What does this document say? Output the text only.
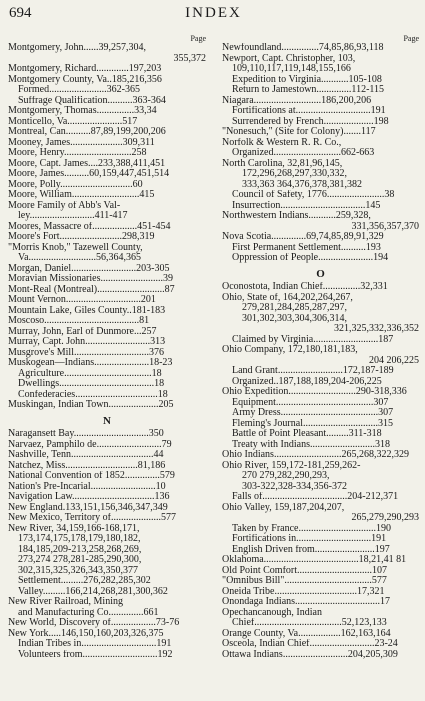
694	INDEX
Page
Montgomery, John......39,257,304,
355,372
Montgomery, Richard.............197,203
Montgomery County, Va..185,216,356
Formed.......................362-365
Suffrage Qualification..........363-364
Montgomery, Thomas...............33,34
Monticello, Va......................517
Montreal, Can..........87,89,199,200,206
Mooney, James.....................309,311
Moore, Henry...........................258
Moore, Capt. James....233,388,411,451
Moore, James..........60,159,447,451,514
Moore, Polly.............................60
Moore, William...........................415
Moore Family of Abb's Val-
ley..........................411-417
Moores, Massacre of..................451-454
Moore's Fort.........................298,319
"Morris Knob," Tazewell County,
Va...........................56,364,365
Morgan, Daniel..........................203-305
Moravian Missionaries.........................39
Mont-Real (Montreal)...........................87
Mount Vernon..............................201
Mountain Lake, Giles County..181-183
Moscoso......................................81
Murray, John, Earl of Dunmore...257
Murray, Capt. John..........................313
Musgrove's Mill..............................376
Muskogean—Indians......................18-23
Agriculture...................................18
Dwellings......................................18
Confederacies.................................18
Muskingan, Indian Town....................205
N
Naragansett Bay..............................350
Narvaez, Pamphilo de..........................79
Nashville, Tenn.................................44
Natchez, Miss.............................81,186
National Convention of 1852..............579
Nation's Pre-Incarial..........................10
Navigation Law.................................136
New England.133,151,156,346,347,349
New Mexico, Territory of....................577
New River, 34,159,166-168,171,
173,174,175,178,179,180,182,
184,185,209-213,258,268,269,
273,274 278,281-285,290,300,
302,315,325,326,343,350,377
Settlement.........276,282,285,302
Valley.........166,214,268,281,300,362
New River Railroad, Mining
and Manufacturing Co..............661
New World, Discovery of..................73-76
New York.....146,150,160,203,326,375
Indian Tribes in..............................191
Volunteers from..............................192
Page
Newfoundland...............74,85,86,93,118
Newport, Capt. Christopher, 103,
109,110,117,119,148,155,166
Expedition to Virginia...........105-108
Return to Jamestown..............112-115
Niagara...........................186,200,206
Fortifications at..............................191
Surrendered by French....................198
"Nonesuch," (Site for Colony).......117
Norfolk & Western R. R. Co.,
Organized...........................662-663
North Carolina, 32,81,96,145,
172,296,268,297,330,332,
333,363 364,376,378,381,382
Council of Safety, 1776.......................38
Insurrection..................................145
Northwestern Indians...........259,328,
331,356,357,370
Nova Scotia..............69,74,85,89,91,329
First Permanent Settlement..........193
Oppression of People......................194
O
Oconostota, Indian Chief...............32,331
Ohio, State of, 164,202,264,267,
279,281,284,285,287,297,
301,302,303,304,306,314,
321,325,332,336,352
Claimed by Virginia..........................187
Ohio Company, 172,180,181,183,
204 206,225
Land Grant..........................172,187-189
Organized..187,188,189,204-206,225
Ohio Expedition...........................290-318,336
Equipment.......................................307
Army Dress.......................................307
Fleming's Journal..............................315
Battle of Point Pleasant.........311-318
Treaty with Indians..........................318
Ohio Indians...........................265,268,322,329
Ohio River, 159,172-181,259,262-
270 279,282,290,293,
303-322,328-334,356-372
Falls of..................................204-212,371
Ohio Valley, 159,187,204,207,
265,279,290,293
Taken by France...............................190
Fortifications in..............................191
English Driven from........................197
Oklahoma......................................18,21,41 81
Old Point Comfort..............................107
"Omnibus Bill"...................................577
Oneida Tribe.................................17,321
Onondaga Indians..................................17
Opechancanough, Indian
Chief...................................52,123,133
Orange County, Va.................162,163,164
Osceola, Indian Chief..........................23-24
Ottawa Indians..........................204,205,309
